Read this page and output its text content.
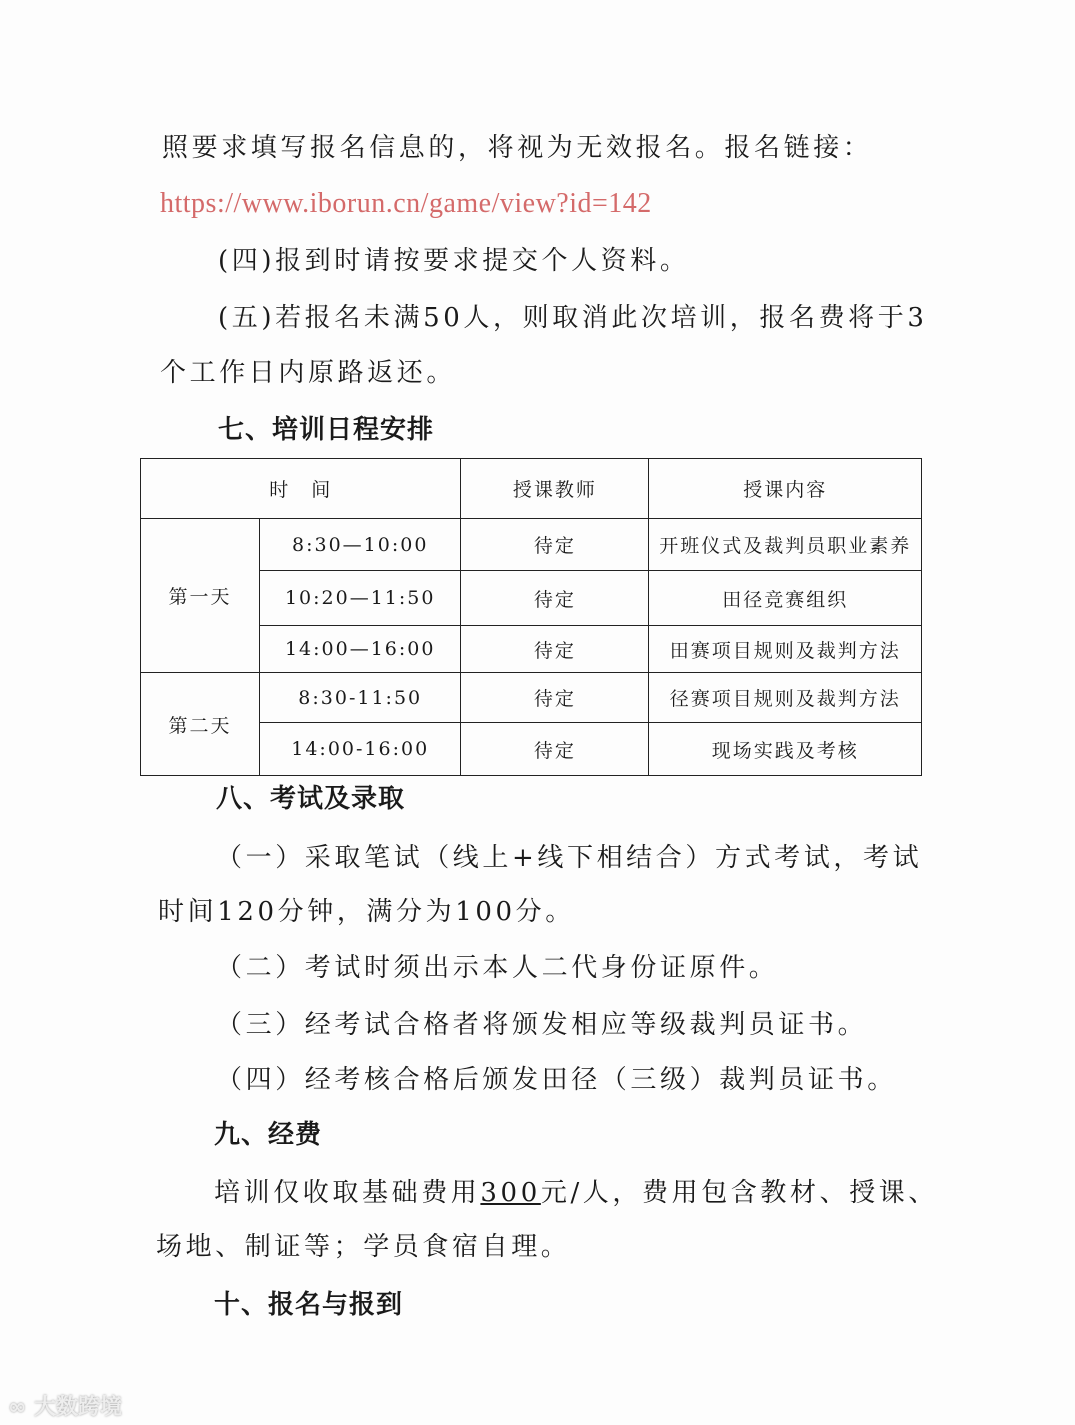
照要求填写报名信息的，将视为无效报名。报名链接：
https://www.iborun.cn/game/view?id=142
(四)报到时请按要求提交个人资料。
(五)若报名未满50人，则取消此次培训，报名费将于3
个工作日内原路返还。
七、培训日程安排
时　间		授课教师	授课内容
第一天	8:30—10:00	待定	开班仪式及裁判员职业素养
	10:20—11:50	待定	田径竞赛组织
	14:00—16:00	待定	田赛项目规则及裁判方法
第二天	8:30-11:50	待定	径赛项目规则及裁判方法
	14:00-16:00	待定	现场实践及考核
八、考试及录取
（一）采取笔试（线上+线下相结合）方式考试，考试
时间120分钟，满分为100分。
（二）考试时须出示本人二代身份证原件。
（三）经考试合格者将颁发相应等级裁判员证书。
（四）经考核合格后颁发田径（三级）裁判员证书。
九、经费
培训仅收取基础费用300元/人，费用包含教材、授课、
场地、制证等；学员食宿自理。
十、报名与报到
∞ 大数跨境
